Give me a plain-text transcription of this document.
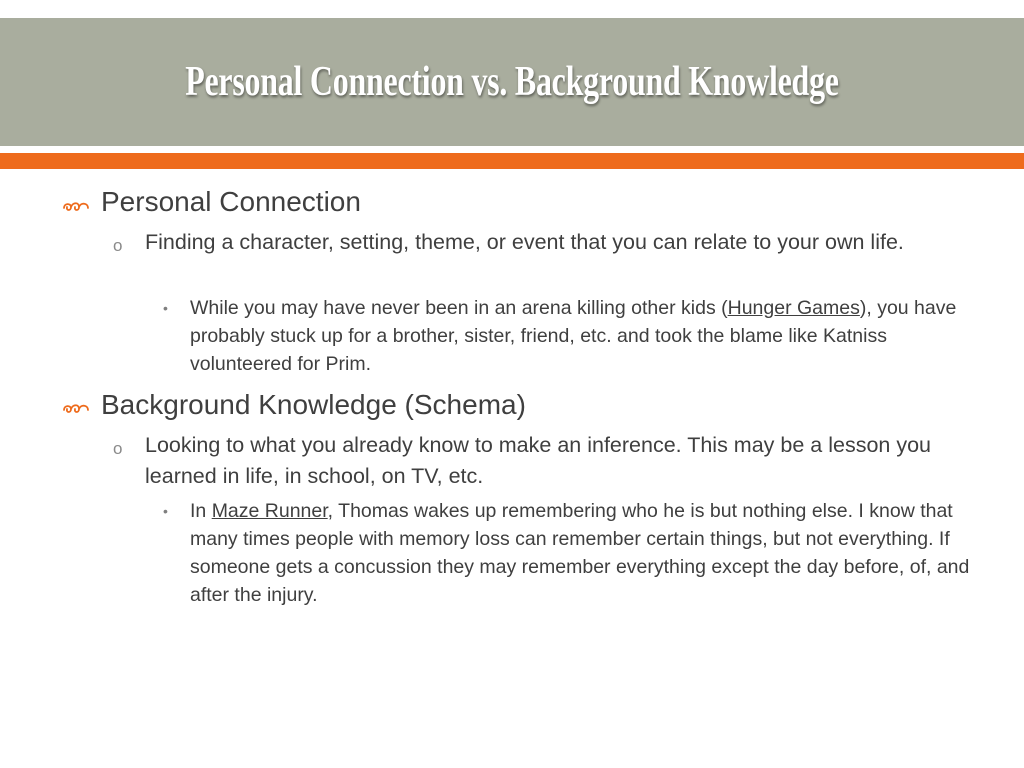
Personal Connection vs. Background Knowledge

Personal Connection

o Finding a character, setting, theme, or event that you can relate to your own life.

• While you may have never been in an arena killing other kids (Hunger Games), you have probably stuck up for a brother, sister, friend, etc. and took the blame like Katniss volunteered for Prim.

Background Knowledge (Schema)

o Looking to what you already know to make an inference. This may be a lesson you learned in life, in school, on TV, etc.

• In Maze Runner, Thomas wakes up remembering who he is but nothing else. I know that many times people with memory loss can remember certain things, but not everything. If someone gets a concussion they may remember everything except the day before, of, and after the injury.
